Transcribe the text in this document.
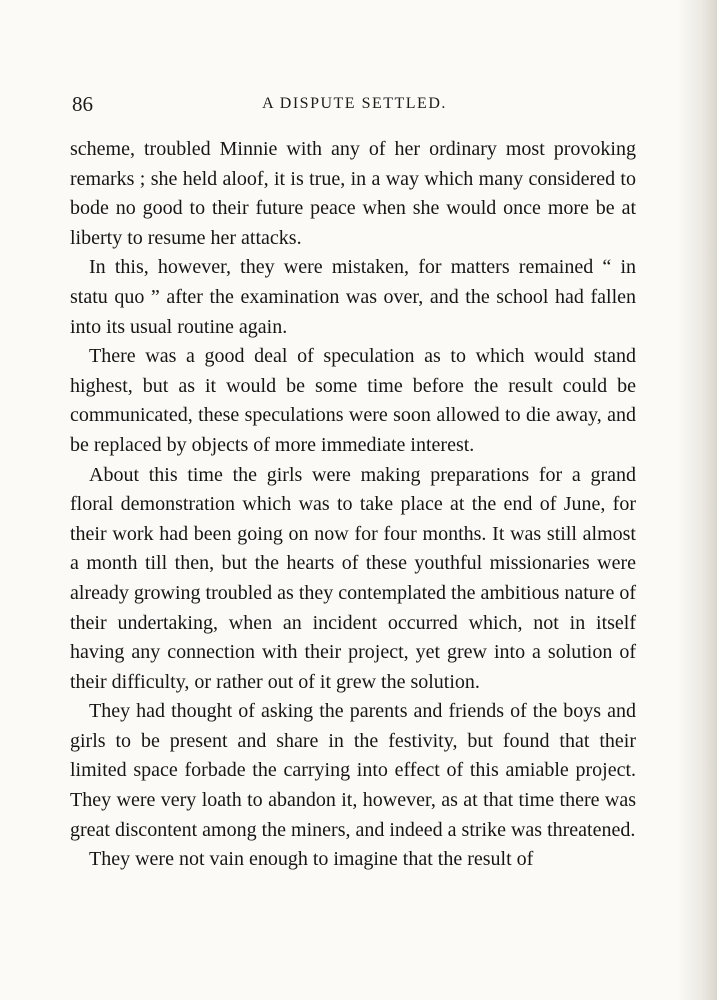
86	A DISPUTE SETTLED.

scheme, troubled Minnie with any of her ordinary most provoking remarks ; she held aloof, it is true, in a way which many considered to bode no good to their future peace when she would once more be at liberty to resume her attacks.

In this, however, they were mistaken, for matters remained “ in statu quo ” after the examination was over, and the school had fallen into its usual routine again.

There was a good deal of speculation as to which would stand highest, but as it would be some time before the result could be communicated, these speculations were soon allowed to die away, and be replaced by objects of more immediate interest.

About this time the girls were making preparations for a grand floral demonstration which was to take place at the end of June, for their work had been going on now for four months. It was still almost a month till then, but the hearts of these youthful missionaries were already growing troubled as they contemplated the ambitious nature of their undertaking, when an incident occurred which, not in itself having any connection with their project, yet grew into a solution of their difficulty, or rather out of it grew the solution.

They had thought of asking the parents and friends of the boys and girls to be present and share in the festivity, but found that their limited space forbade the carrying into effect of this amiable project. They were very loath to abandon it, however, as at that time there was great discontent among the miners, and indeed a strike was threatened.

They were not vain enough to imagine that the result of
